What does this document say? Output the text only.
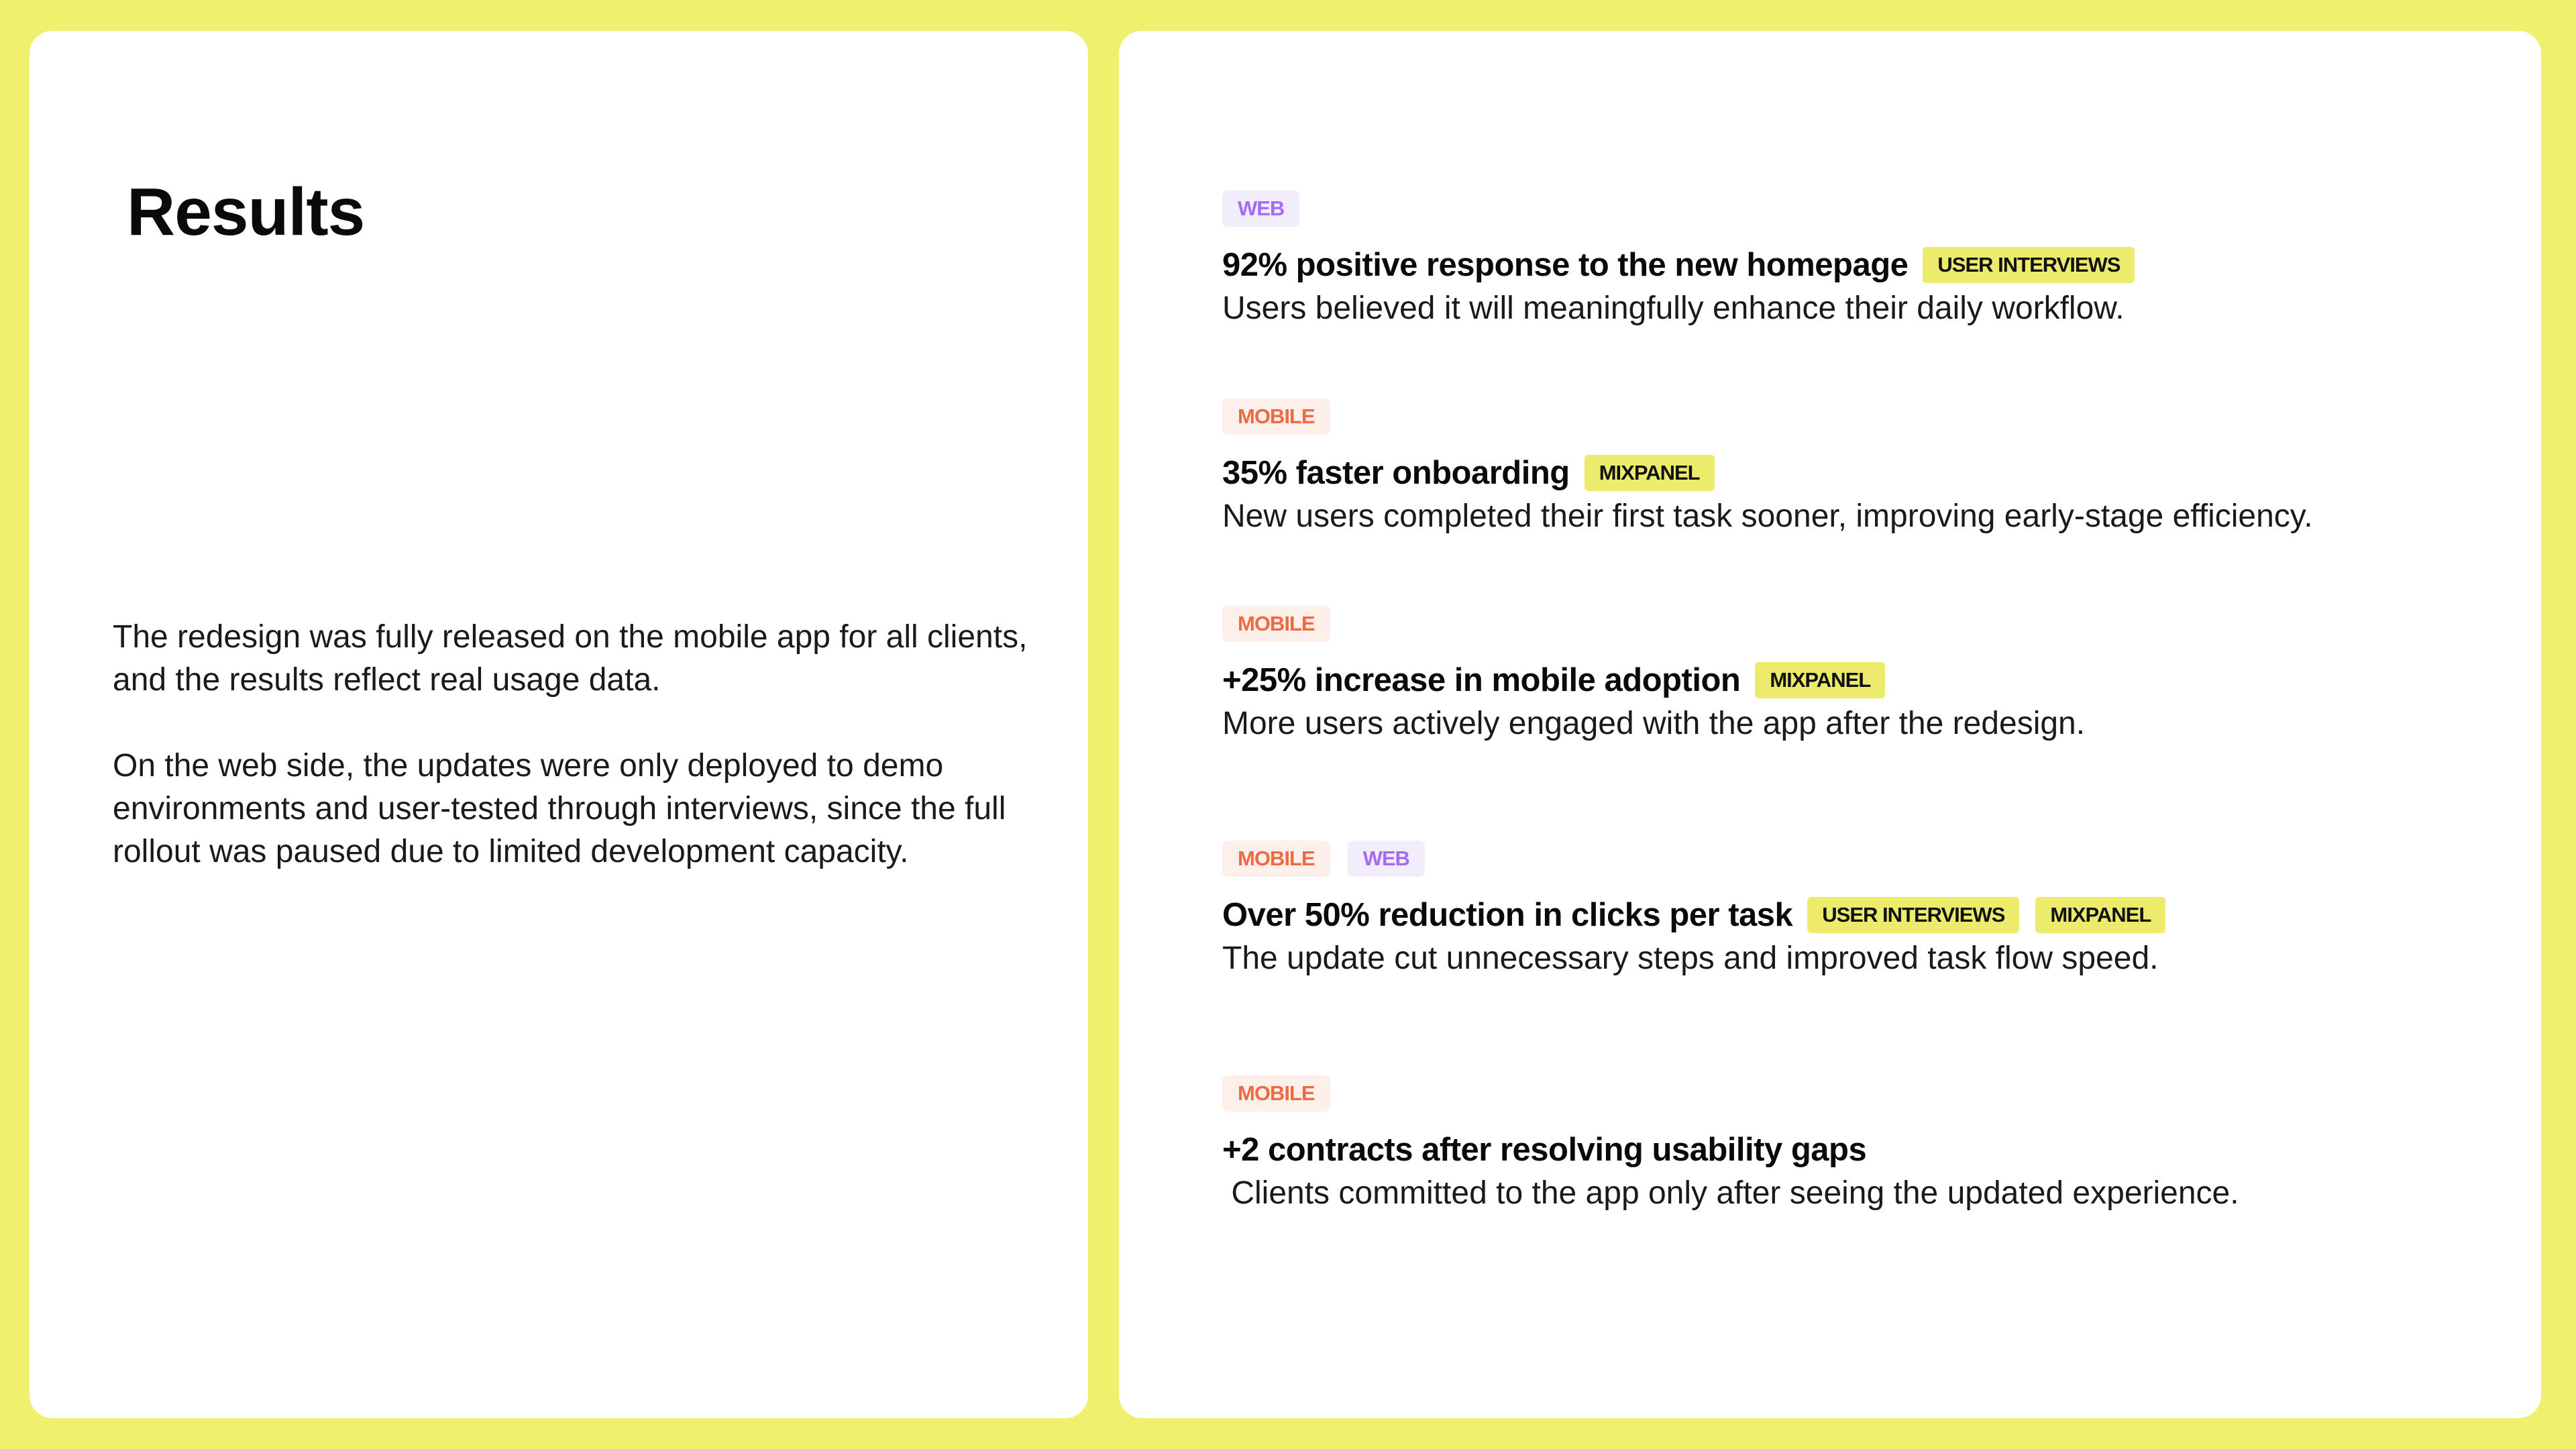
Results

The redesign was fully released on the mobile app for all clients, and the results reflect real usage data.

On the web side, the updates were only deployed to demo environments and user-tested through interviews, since the full rollout was paused due to limited development capacity.

WEB
92% positive response to the new homepage	USER INTERVIEWS
Users believed it will meaningfully enhance their daily workflow.
MOBILE
35% faster onboarding	MIXPANEL
New users completed their first task sooner, improving early-stage efficiency.
MOBILE
+25% increase in mobile adoption	MIXPANEL
More users actively engaged with the app after the redesign.
MOBILE	WEB
Over 50% reduction in clicks per task	USER INTERVIEWS	MIXPANEL
The update cut unnecessary steps and improved task flow speed.
MOBILE
+2 contracts after resolving usability gaps
Clients committed to the app only after seeing the updated experience.
